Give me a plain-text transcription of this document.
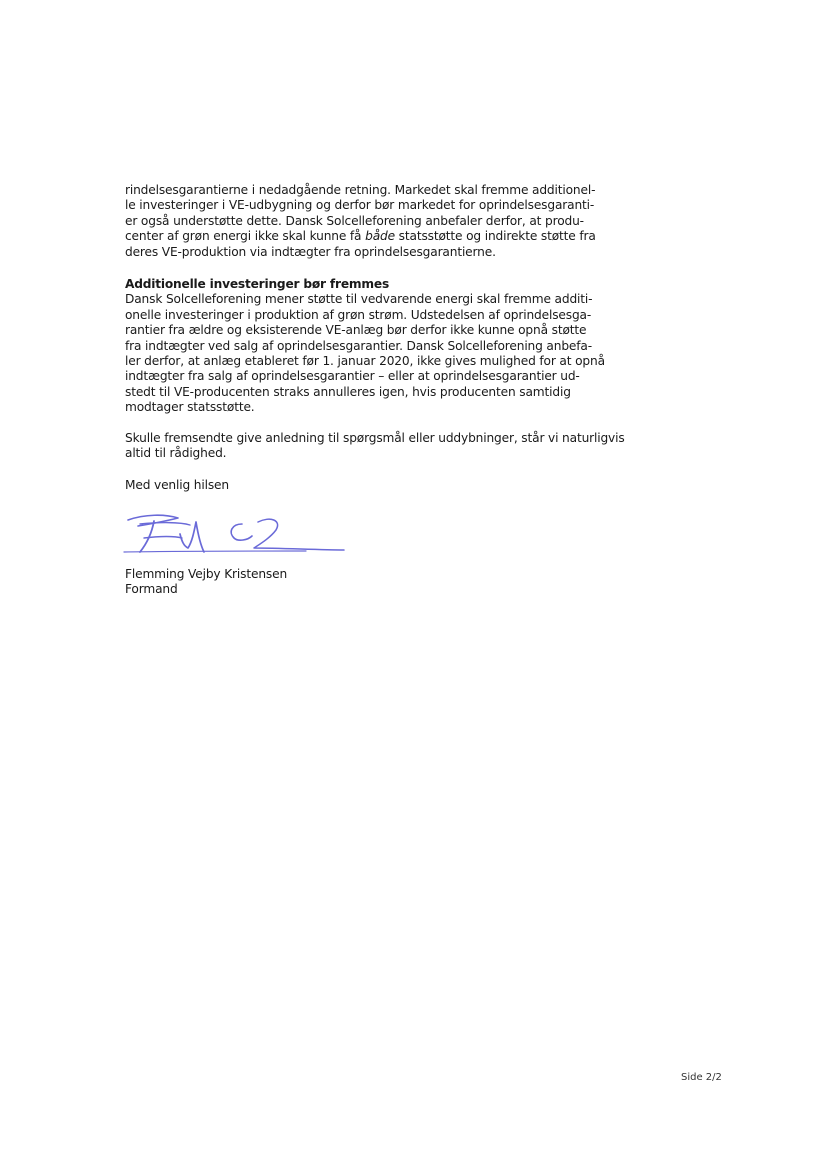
rindelsesgarantierne i nedadgående retning. Markedet skal fremme additionel-
le investeringer i VE-udbygning og derfor bør markedet for oprindelsesgaranti-
er også understøtte dette. Dansk Solcelleforening anbefaler derfor, at produ-
center af grøn energi ikke skal kunne få både statsstøtte og indirekte støtte fra
deres VE-produktion via indtægter fra oprindelsesgarantierne.
Additionelle investeringer bør fremmes
Dansk Solcelleforening mener støtte til vedvarende energi skal fremme additi-
onelle investeringer i produktion af grøn strøm. Udstedelsen af oprindelsesga-
rantier fra ældre og eksisterende VE-anlæg bør derfor ikke kunne opnå støtte
fra indtægter ved salg af oprindelsesgarantier. Dansk Solcelleforening anbefa-
ler derfor, at anlæg etableret før 1. januar 2020, ikke gives mulighed for at opnå
indtægter fra salg af oprindelsesgarantier – eller at oprindelsesgarantier ud-
stedt til VE-producenten straks annulleres igen, hvis producenten samtidig
modtager statsstøtte.
Skulle fremsendte give anledning til spørgsmål eller uddybninger, står vi naturligvis
altid til rådighed.
Med venlig hilsen
Flemming Vejby Kristensen
Formand
Side 2/2
